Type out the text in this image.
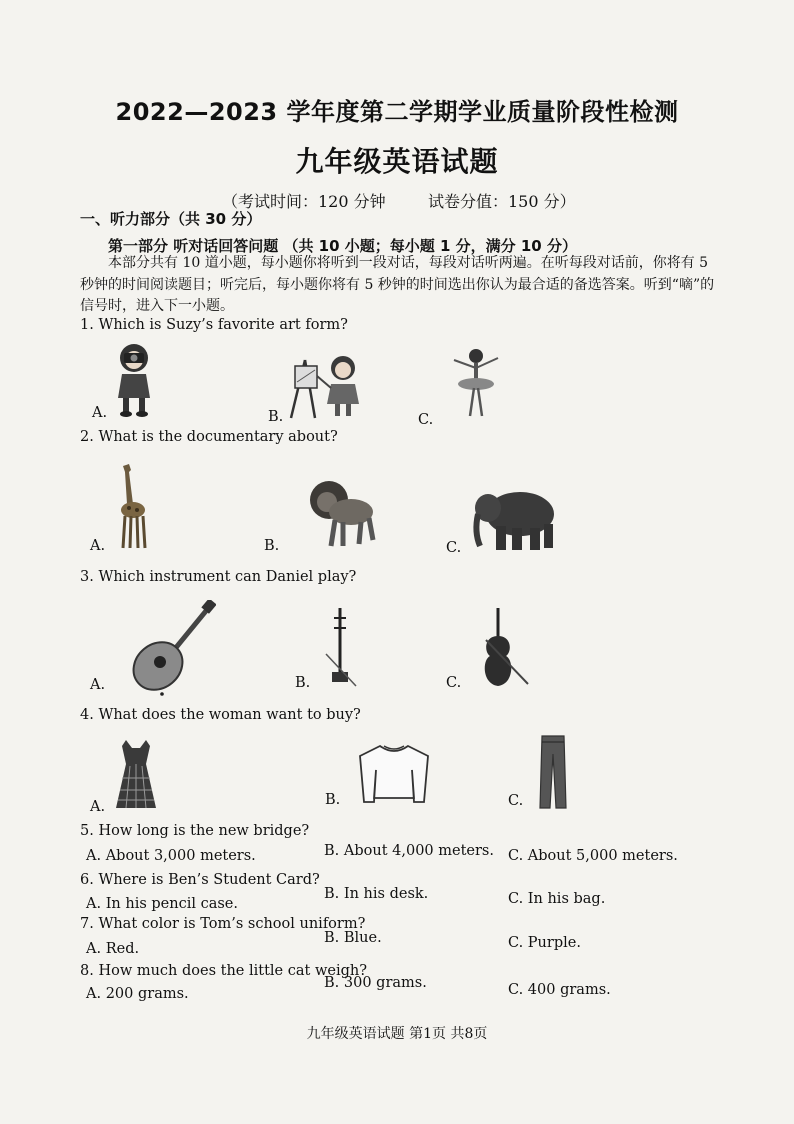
2022—2023 学年度第二学期学业质量阶段性检测
九年级英语试题
（考试时间：120 分钟	试卷分值：150 分）
一、听力部分（共 30 分）
第一部分 听对话回答问题 （共 10 小题；每小题 1 分，满分 10 分）
本部分共有 10 道小题，每小题你将听到一段对话，每段对话听两遍。在听每段对话前，你将有 5 秒钟的时间阅读题目；听完后，每小题你将有 5 秒钟的时间选出你认为最合适的备选答案。听到“嘀”的信号时，进入下一小题。
1. Which is Suzy’s favorite art form?
A.	B.	C.
2. What is the documentary about?
A.	B.	C.
3. Which instrument can Daniel play?
A.	B.	C.
4. What does the woman want to buy?
A.	B.	C.
5. How long is the new bridge?
A. About 3,000 meters.	B. About 4,000 meters. C. About 5,000 meters.
6. Where is Ben’s Student Card?
A. In his pencil case.
B. In his desk.	C. In his bag.
7. What color is Tom’s school uniform?
A. Red.
B. Blue.	C. Purple.
8. How much does the little cat weigh?
A. 200 grams.
B. 300 grams.	C. 400 grams.
九年级英语试题 第1页 共8页
